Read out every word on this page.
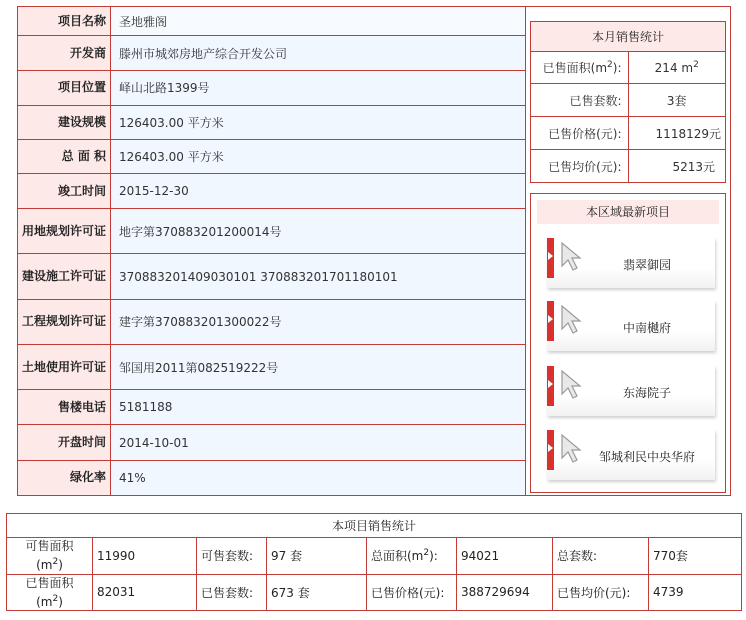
项目名称	圣地雅阁
开发商	滕州市城郊房地产综合开发公司
项目位置	峄山北路1399号
建设规模	126403.00 平方米
总 面 积	126403.00 平方米
竣工时间	2015-12-30
用地规划许可证	地字第370883201200014号
建设施工许可证	370883201409030101 370883201701180101
工程规划许可证	建字第370883201300022号
土地使用许可证	邹国用2011第082519222号
售楼电话	5181188
开盘时间	2014-10-01
绿化率	41%
本月销售统计	
已售面积$(m^2)$:	214 $m^2$
已售套数:	3套
已售价格(元):	1118129元
已售均价(元):	5213元
本区域最新项目
翡翠御园
中南樾府
东海院子
邹城利民中央华府
本项目销售统计							
可售面积
$(m^2)$	11990	可售套数:	97 套	总面积$(m^2)$:	94021	总套数:	770套
已售面积
$(m^2)$	82031	已售套数:	673 套	已售价格(元):	388729694	已售均价(元):	4739
